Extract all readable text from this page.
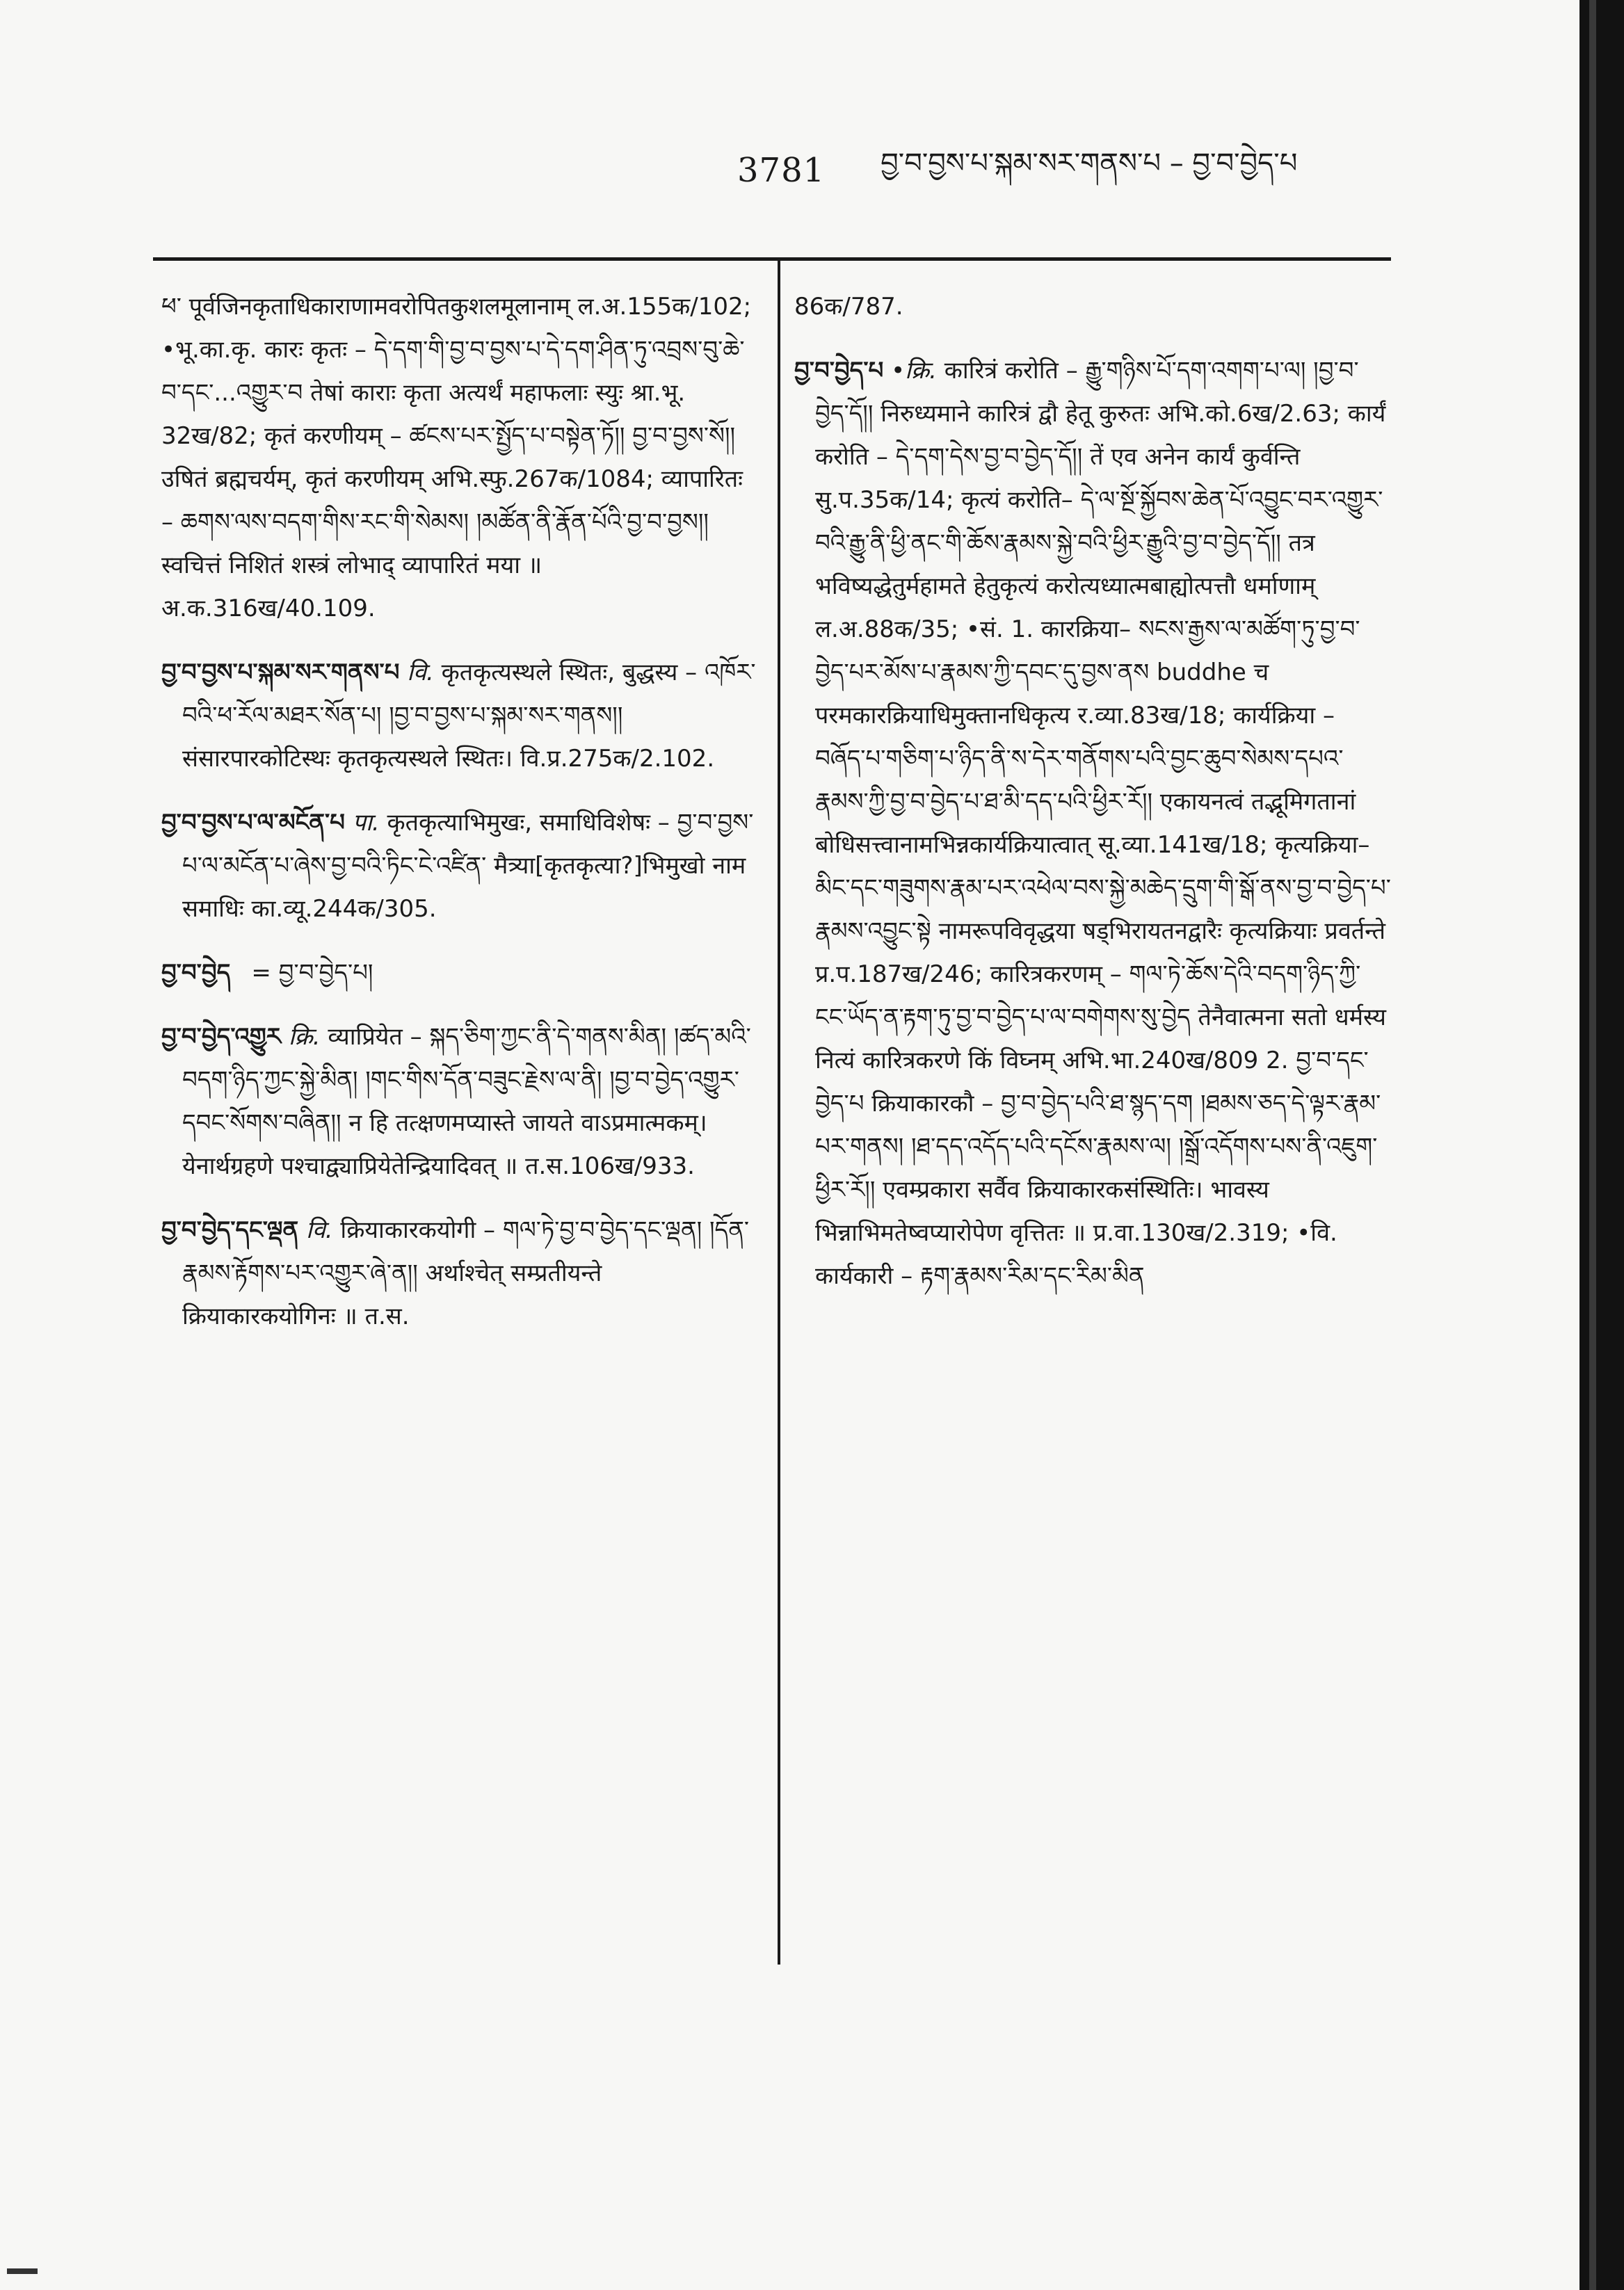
3781 བྱ་བ་བྱས་པ་སྐམ་སར་གནས་པ – བྱ་བ་བྱེད་པ

ཕ་ पूर्वजिनकृताधिकाराणामवरोपितकुशलमूलानाम् ल.अ.155क/102; •भू.का.कृ. कारः कृतः – དེ་དག་གི་བྱ་བ་བྱས་པ་དེ་དག་ཤིན་ཏུ་འབྲས་བུ་ཆེ་བ་དང་...འགྱུར་བ तेषां काराः कृता अत्यर्थं महाफलाः स्युः श्रा.भू. 32ख/82; कृतं करणीयम् – ཚངས་པར་སྤྱོད་པ་བསྟེན་ཏོ།། བྱ་བ་བྱས་སོ།། उषितं ब्रह्मचर्यम्, कृतं करणीयम् अभि.स्फु.267क/1084; व्यापारितः – ཆགས་ལས་བདག་གིས་རང་གི་སེམས། །མཚོན་ནི་རྣོན་པོའི་བྱ་བ་བྱས།། स्वचित्तं निशितं शस्त्रं लोभाद् व्यापारितं मया ॥ अ.क.316ख/40.109.

བྱ་བ་བྱས་པ་སྐམ་སར་གནས་པ वि. कृतकृत्यस्थले स्थितः, बुद्धस्य – འཁོར་བའི་ཕ་རོལ་མཐར་སོན་པ། །བྱ་བ་བྱས་པ་སྐམ་སར་གནས།། संसारपारकोटिस्थः कृतकृत्यस्थले स्थितः। वि.प्र.275क/2.102.

བྱ་བ་བྱས་པ་ལ་མངོན་པ पा. कृतकृत्याभिमुखः, समाधिविशेषः – བྱ་བ་བྱས་པ་ལ་མངོན་པ་ཞེས་བྱ་བའི་ཏིང་ངེ་འཛིན་ मैत्र्या[कृतकृत्या?]भिमुखो नाम समाधिः का.व्यू.244क/305.

བྱ་བ་བྱེད = བྱ་བ་བྱེད་པ།

བྱ་བ་བྱེད་འགྱུར क्रि. व्याप्रियेत – སྐད་ཅིག་ཀྱང་ནི་དེ་གནས་མིན། །ཚད་མའི་བདག་ཉིད་ཀྱང་སྐྱེ་མིན། །གང་གིས་དོན་བཟུང་རྗེས་ལ་ནི། །བྱ་བ་བྱེད་འགྱུར་དབང་སོགས་བཞིན།། न हि तत्क्षणमप्यास्ते जायते वाऽप्रमात्मकम्। येनार्थग्रहणे पश्चाद्व्याप्रियेतेन्द्रियादिवत् ॥ त.स.106ख/933.

བྱ་བ་བྱེད་དང་ལྡན वि. क्रियाकारकयोगी – གལ་ཏེ་བྱ་བ་བྱེད་དང་ལྡན། །དོན་རྣམས་རྟོགས་པར་འགྱུར་ཞེ་ན།། अर्थाश्चेत् सम्प्रतीयन्ते क्रियाकारकयोगिनः ॥ त.स.

86क/787.

བྱ་བ་བྱེད་པ •क्रि. कारित्रं करोति – རྒྱུ་གཉིས་པོ་དག་འགག་པ་ལ། །བྱ་བ་བྱེད་དོ།། निरुध्यमाने कारित्रं द्वौ हेतू कुरुतः अभि.को.6ख/2.63; कार्यं करोति – དེ་དག་དེས་བྱ་བ་བྱེད་དོ།། तें एव अनेन कार्यं कुर्वन्ति सु.प.35क/14; कृत्यं करोति– དེ་ལ་སྔོ་སྐྱོབས་ཆེན་པོ་འབྱུང་བར་འགྱུར་བའི་རྒྱུ་ནི་ཕྱི་ནང་གི་ཆོས་རྣམས་སྐྱེ་བའི་ཕྱིར་རྒྱུའི་བྱ་བ་བྱེད་དོ།། तत्र भविष्यद्धेतुर्महामते हेतुकृत्यं करोत्यध्यात्मबाह्योत्पत्तौ धर्माणाम् ल.अ.88क/35; •सं. 1. कारक्रिया– སངས་རྒྱས་ལ་མཚོག་ཏུ་བྱ་བ་བྱེད་པར་མོས་པ་རྣམས་ཀྱི་དབང་དུ་བྱས་ནས buddhe च परमकारक्रियाधिमुक्तानधिकृत्य र.व्या.83ख/18; कार्यक्रिया – བཞོད་པ་གཅིག་པ་ཉིད་ནི་ས་དེར་གནོགས་པའི་བྱང་ཆུབ་སེམས་དཔའ་རྣམས་ཀྱི་བྱ་བ་བྱེད་པ་ཐ་མི་དད་པའི་ཕྱིར་རོ།། एकायनत्वं तद्भूमिगतानां बोधिसत्त्वानामभिन्नकार्यक्रियात्वात् सू.व्या.141ख/18; कृत्यक्रिया– མིང་དང་གཟུགས་རྣམ་པར་འཕེལ་བས་སྐྱེ་མཆེད་དྲུག་གི་སྒོ་ནས་བྱ་བ་བྱེད་པ་རྣམས་འབྱུང་སྟེ नामरूपविवृद्धया षड्भिरायतनद्वारैः कृत्यक्रियाः प्रवर्तन्ते प्र.प.187ख/246; कारित्रकरणम् – གལ་ཏེ་ཆོས་དེའི་བདག་ཉིད་ཀྱི་ངང་ཡོད་ན་རྟག་ཏུ་བྱ་བ་བྱེད་པ་ལ་བགེགས་སུ་བྱེད तेनैवात्मना सतो धर्मस्य नित्यं कारित्रकरणे किं विघ्नम् अभि.भा.240ख/809 2. བྱ་བ་དང་བྱེད་པ क्रियाकारकौ – བྱ་བ་བྱེད་པའི་ཐ་སྙད་དག །ཐམས་ཅད་དེ་ལྟར་རྣམ་པར་གནས། །ཐ་དད་འདོད་པའི་དངོས་རྣམས་ལ། །སྒྲོ་འདོགས་པས་ནི་འཇུག་ཕྱིར་རོ།། एवम्प्रकारा सर्वैव क्रियाकारकसंस्थितिः। भावस्य भिन्नाभिमतेष्वप्यारोपेण वृत्तितः ॥ प्र.वा.130ख/2.319; •वि. कार्यकारी – རྟག་རྣམས་རིམ་དང་རིམ་མིན
